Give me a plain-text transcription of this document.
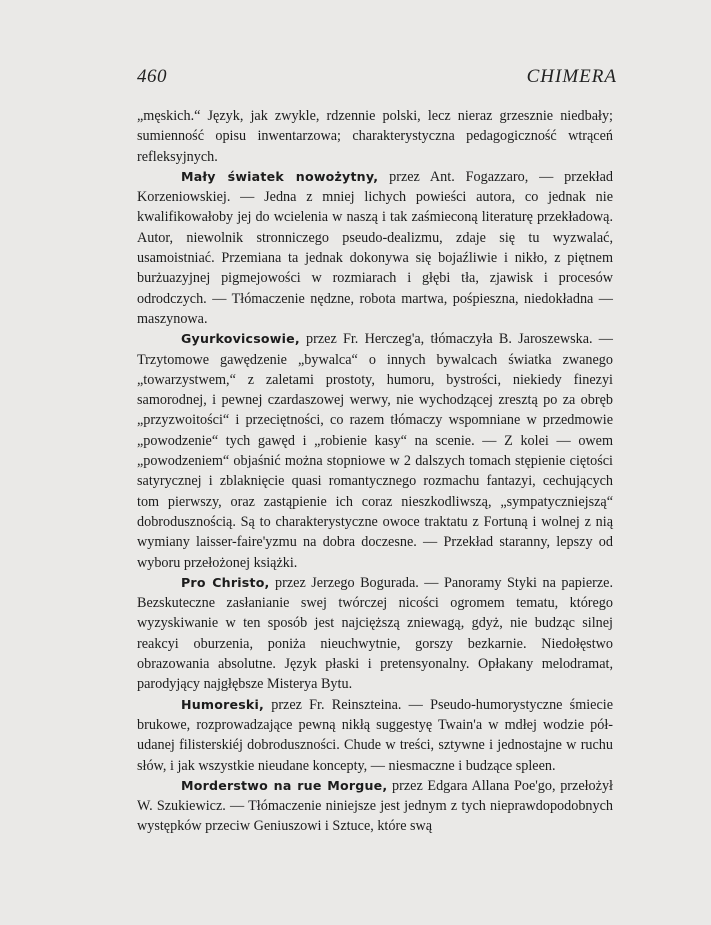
460	CHIMERA

„męskich.“ Język, jak zwykle, rdzennie polski, lecz nieraz grzesznie niedbały; sumienność opisu inwentarzowa; charakterystyczna pedagogiczność wtrąceń refleksyjnych.

Mały światek nowożytny, przez Ant. Fogazzaro, — przekład Korzeniowskiej. — Jedna z mniej lichych powieści autora, co jednak nie kwalifikowałoby jej do wcielenia w naszą i tak zaśmieconą literaturę przekładową. Autor, niewolnik stronniczego pseudo-dealizmu, zdaje się tu wyzwalać, usamoistniać. Przemiana ta jednak dokonywa się bojaźliwie i nikło, z piętnem burżuazyjnej pigmejowości w rozmiarach i głębi tła, zjawisk i procesów odrodczych. — Tłómaczenie nędzne, robota martwa, pośpieszna, niedokładna — maszynowa.

Gyurkovicsowie, przez Fr. Herczeg'a, tłómaczyła B. Jaroszewska. — Trzytomowe gawędzenie „bywalca“ o innych bywalcach światka zwanego „towarzystwem,“ z zaletami prostoty, humoru, bystrości, niekiedy finezyi samorodnej, i pewnej czardaszowej werwy, nie wychodzącej zresztą po za obręb „przyzwoitości“ i przeciętności, co razem tłómaczy wspomniane w przedmowie „powodzenie“ tych gawęd i „robienie kasy“ na scenie. — Z kolei — owem „powodzeniem“ objaśnić można stopniowe w 2 dalszych tomach stępienie ciętości satyrycznej i zblaknięcie quasi romantycznego rozmachu fantazyi, cechujących tom pierwszy, oraz zastąpienie ich coraz nieszkodliwszą, „sympatyczniejszą“ dobrodusznością. Są to charakterystyczne owoce traktatu z Fortuną i wolnej z nią wymiany laisser-faire'yzmu na dobra doczesne. — Przekład staranny, lepszy od wyboru przełożonej książki.

Pro Christo, przez Jerzego Bogurada. — Panoramy Styki na papierze. Bezskuteczne zasłanianie swej twórczej nicości ogromem tematu, którego wyzyskiwanie w ten sposób jest najcięższą zniewagą, gdyż, nie budząc silnej reakcyi oburzenia, poniża nieuchwytnie, gorszy bezkarnie. Niedołęstwo obrazowania absolutne. Język płaski i pretensyonalny. Opłakany melodramat, parodyjący najgłębsze Misterya Bytu.

Humoreski, przez Fr. Reinszteina. — Pseudo-humorystyczne śmiecie brukowe, rozprowadzające pewną nikłą suggestyę Twain'a w mdłej wodzie pół-udanej filisterskiéj dobroduszności. Chude w treści, sztywne i jednostajne w ruchu słów, i jak wszystkie nieudane koncepty, — niesmaczne i budzące spleen.

Morderstwo na rue Morgue, przez Edgara Allana Poe'go, przełożył W. Szukiewicz. — Tłómaczenie niniejsze jest jednym z tych nieprawdopodobnych występków przeciw Geniuszowi i Sztuce, które swą
